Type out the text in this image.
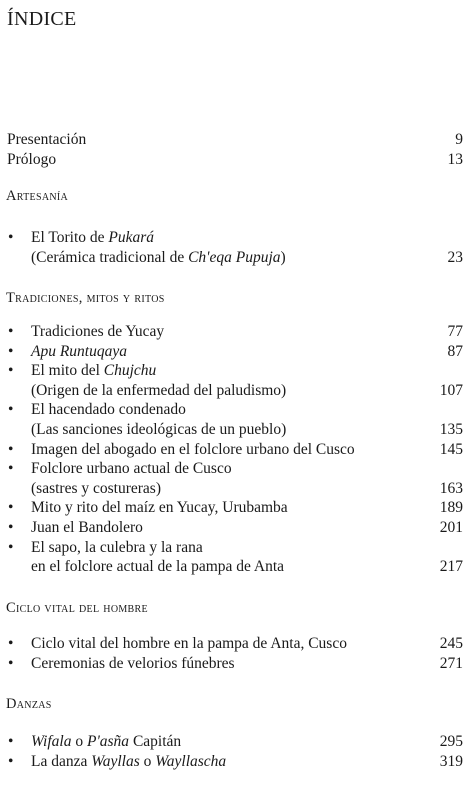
ÍNDICE
Presentación	9
Prólogo	13
Artesanía
• El Torito de Pukará
(Cerámica tradicional de Ch'eqa Pupuja)	23
Tradiciones, mitos y ritos
• Tradiciones de Yucay	77
• Apu Runtuqaya	87
• El mito del Chujchu
(Origen de la enfermedad del paludismo)	107
• El hacendado condenado
(Las sanciones ideológicas de un pueblo)	135
• Imagen del abogado en el folclore urbano del Cusco	145
• Folclore urbano actual de Cusco
(sastres y costureras)	163
• Mito y rito del maíz en Yucay, Urubamba	189
• Juan el Bandolero	201
• El sapo, la culebra y la rana
en el folclore actual de la pampa de Anta	217
Ciclo vital del hombre
• Ciclo vital del hombre en la pampa de Anta, Cusco	245
• Ceremonias de velorios fúnebres	271
Danzas
• Wifala o P'asña Capitán	295
• La danza Wayllas o Wayllascha	319
